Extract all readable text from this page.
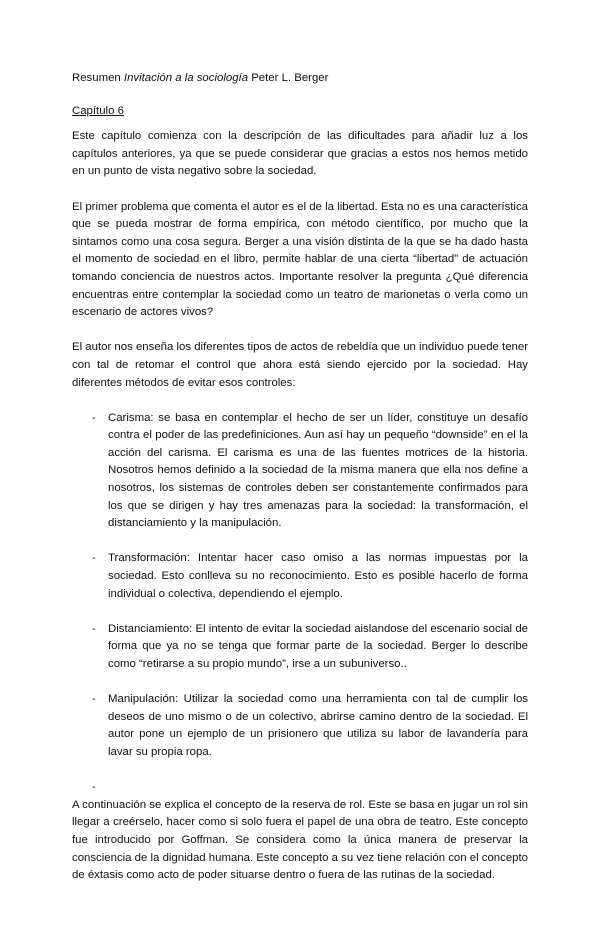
Resumen Invitación a la sociología Peter L. Berger
Capítulo 6
Este capítulo comienza con la descripción de las dificultades para añadir luz a los capítulos anteriores, ya que se puede considerar que gracias a estos nos hemos metido en un punto de vista negativo sobre la sociedad.
El primer problema que comenta el autor es el de la libertad. Esta no es una característica que se pueda mostrar de forma empírica, con método científico, por mucho que la sintamos como una cosa segura. Berger a una visión distinta de la que se ha dado hasta el momento de sociedad en el libro, permite hablar de una cierta “libertad” de actuación tomando conciencia de nuestros actos. Importante resolver la pregunta ¿Qué diferencia encuentras entre contemplar la sociedad como un teatro de marionetas o verla como un escenario de actores vivos?
El autor nos enseña los diferentes tipos de actos de rebeldía que un individuo puede tener con tal de retomar el control que ahora está siendo ejercido por la sociedad. Hay diferentes métodos de evitar esos controles:
-	Carisma: se basa en contemplar el hecho de ser un líder, constituye un desafío contra el poder de las predefiniciones. Aun así hay un pequeño “downside” en el la acción del carisma. El carisma es una de las fuentes motrices de la historia. Nosotros hemos definido a la sociedad de la misma manera que ella nos define a nosotros, los sistemas de controles deben ser constantemente confirmados para los que se dirigen y hay tres amenazas para la sociedad: la transformación, el distanciamiento y la manipulación.
-	Transformación: Intentar hacer caso omiso a las normas impuestas por la sociedad. Esto conlleva su no reconocimiento. Esto es posible hacerlo de forma individual o colectiva, dependiendo el ejemplo.
-	Distanciamiento: El intento de evitar la sociedad aislandose del escenario social de forma que ya no se tenga que formar parte de la sociedad. Berger lo describe como “retirarse a su propio mundo”, irse a un subuniverso..
-	Manipulación: Utilizar la sociedad como una herramienta con tal de cumplir los deseos de uno mismo o de un colectivo, abrirse camino dentro de la sociedad. El autor pone un ejemplo de un prisionero que utiliza su labor de lavandería para lavar su propia ropa.
-
A continuación se explica el concepto de la reserva de rol. Este se basa en jugar un rol sin llegar a creérselo, hacer como si solo fuera el papel de una obra de teatro. Este concepto fue introducido por Goffman. Se considera como la única manera de preservar la consciencia de la dignidad humana. Este concepto a su vez tiene relación con el concepto de éxtasis como acto de poder situarse dentro o fuera de las rutinas de la sociedad.
